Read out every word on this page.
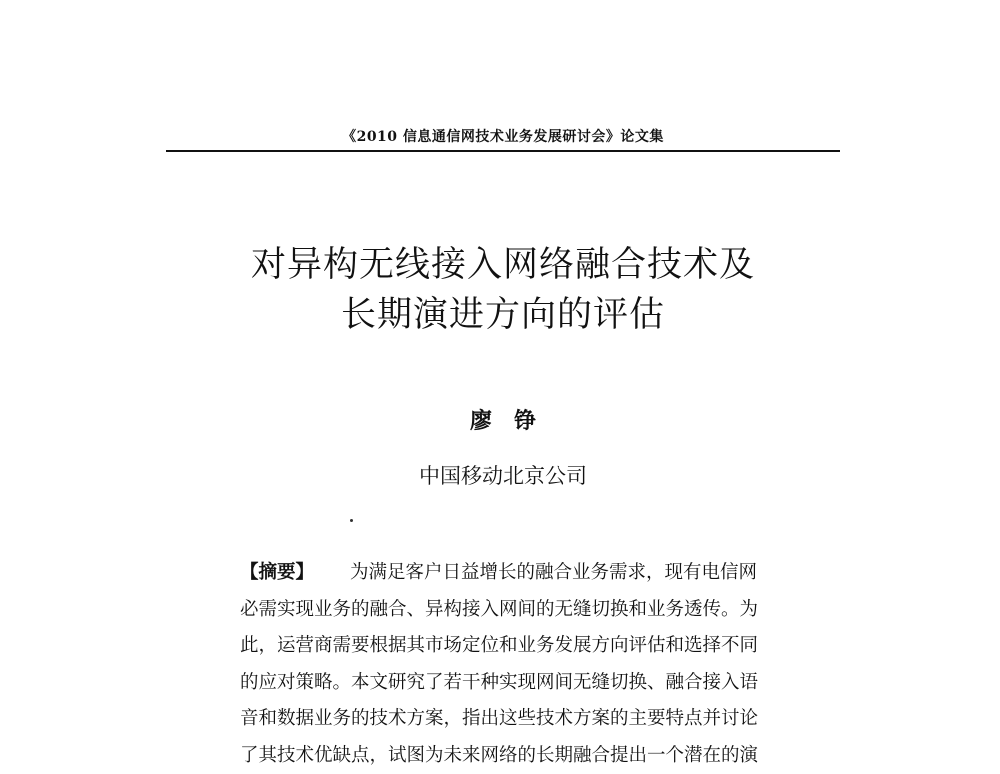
《2010 信息通信网技术业务发展研讨会》论文集
对异构无线接入网络融合技术及
长期演进方向的评估
廖　铮
中国移动北京公司
【摘要】 为满足客户日益增长的融合业务需求，现有电信网
必需实现业务的融合、异构接入网间的无缝切换和业务透传。为
此，运营商需要根据其市场定位和业务发展方向评估和选择不同
的应对策略。本文研究了若干种实现网间无缝切换、融合接入语
音和数据业务的技术方案，指出这些技术方案的主要特点并讨论
了其技术优缺点，试图为未来网络的长期融合提出一个潜在的演
